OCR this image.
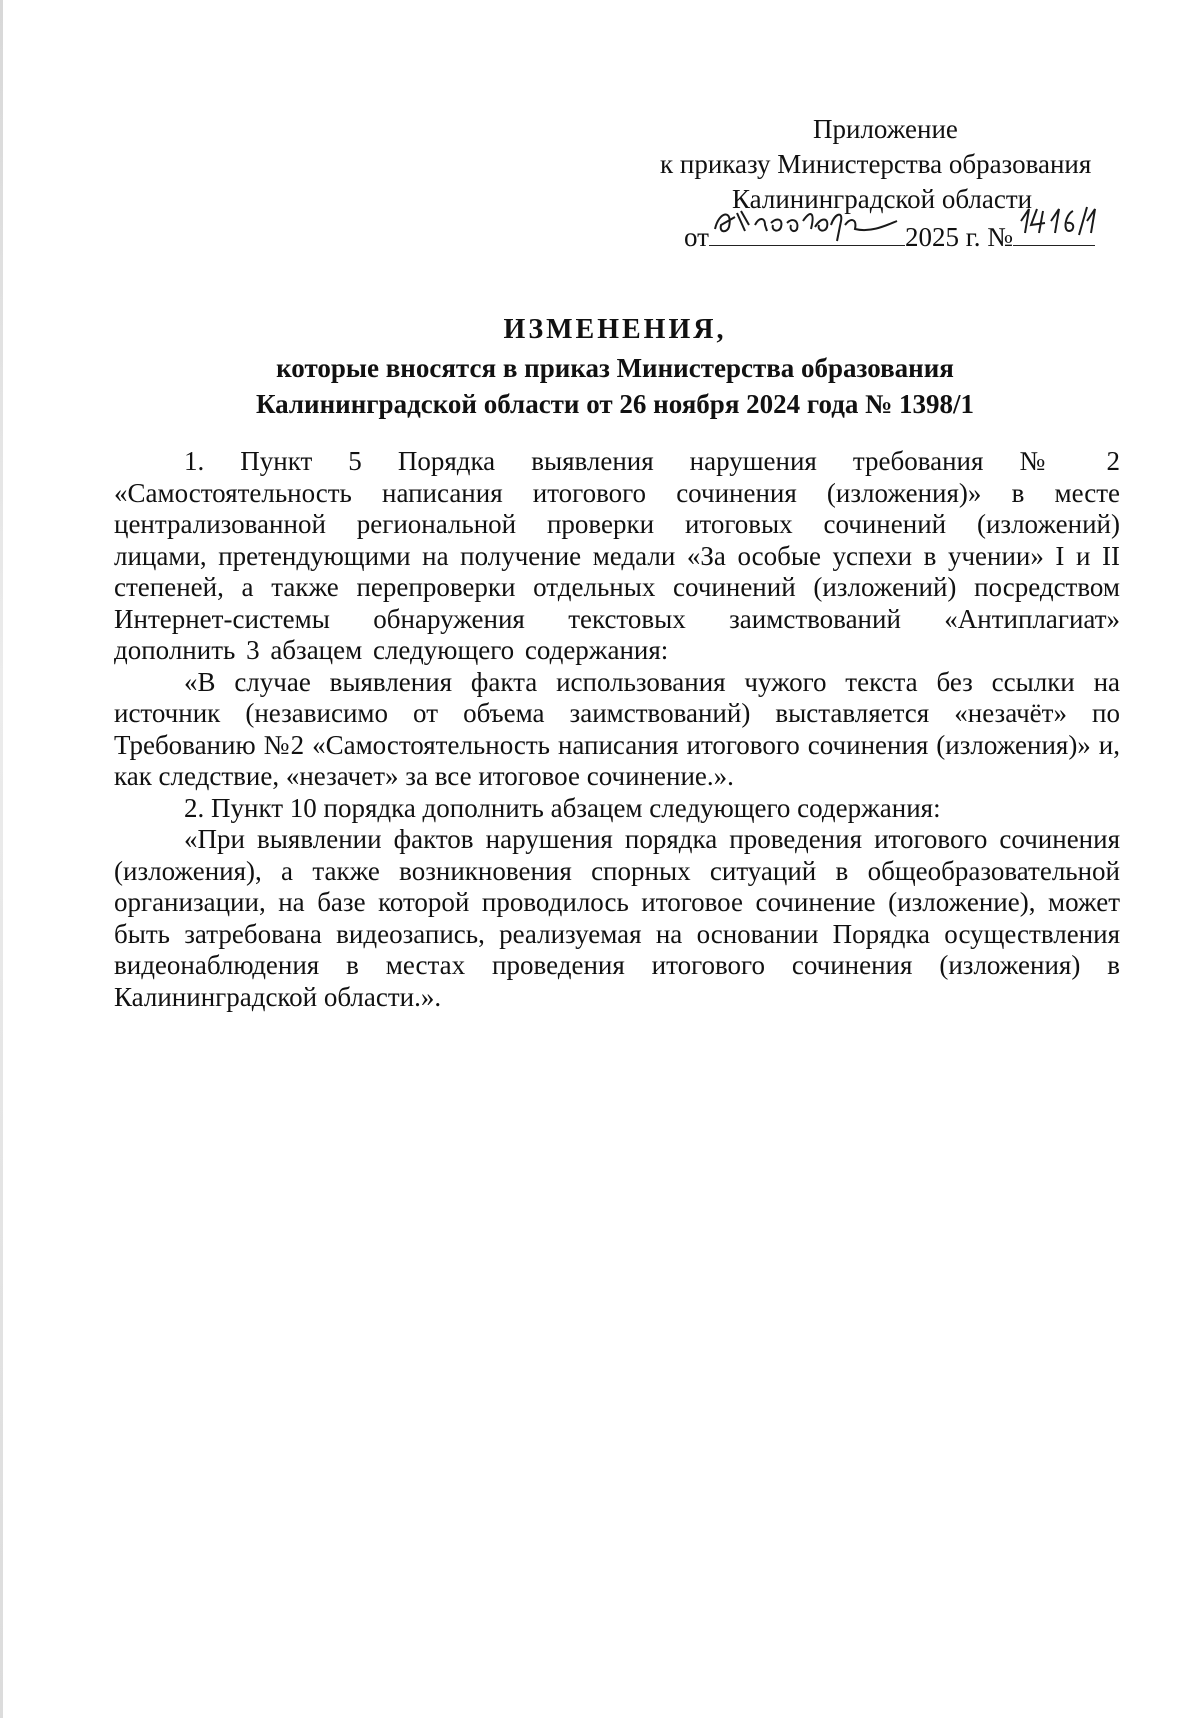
Приложение
к приказу Министерства образования
Калининградской области
от	2025 г. №
ИЗМЕНЕНИЯ,
которые вносятся в приказ Министерства образования
Калининградской области от 26 ноября 2024 года № 1398/1

1. Пункт 5 Порядка выявления нарушения требования № 2 «Самостоятельность написания итогового сочинения (изложения)» в месте централизованной региональной проверки итоговых сочинений (изложений) лицами, претендующими на получение медали «За особые успехи в учении» I и II степеней, а также перепроверки отдельных сочинений (изложений) посредством Интернет-системы обнаружения текстовых заимствований «Антиплагиат» дополнить 3 абзацем следующего содержания:

«В случае выявления факта использования чужого текста без ссылки на источник (независимо от объема заимствований) выставляется «незачёт» по Требованию №2 «Самостоятельность написания итогового сочинения (изложения)» и, как следствие, «незачет» за все итоговое сочинение.».

2. Пункт 10 порядка дополнить абзацем следующего содержания:

«При выявлении фактов нарушения порядка проведения итогового сочинения (изложения), а также возникновения спорных ситуаций в общеобразовательной организации, на базе которой проводилось итоговое сочинение (изложение), может быть затребована видеозапись, реализуемая на основании Порядка осуществления видеонаблюдения в местах проведения итогового сочинения (изложения) в Калининградской области.».
